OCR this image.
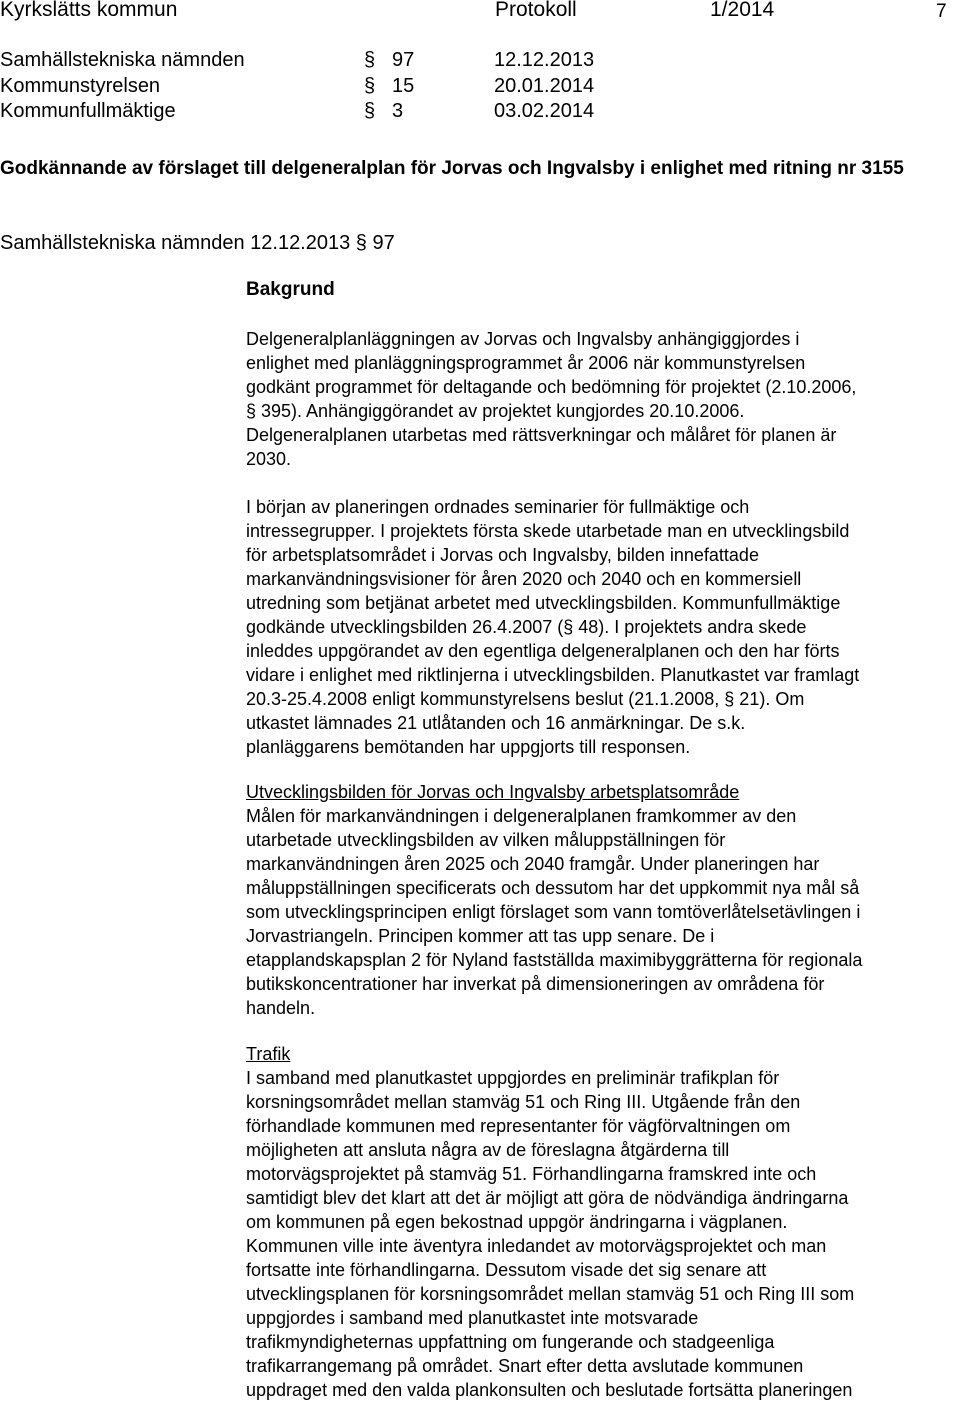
Kyrkslätts kommun	Protokoll	1/2014	7
Samhällstekniska nämnden	§ 97	12.12.2013
Kommunstyrelsen	§ 15	20.01.2014
Kommunfullmäktige	§ 3	03.02.2014
Godkännande av förslaget till delgeneralplan för Jorvas och Ingvalsby i enlighet med ritning nr 3155
Samhällstekniska nämnden 12.12.2013 § 97
Bakgrund
Delgeneralplanläggningen av Jorvas och Ingvalsby anhängiggjordes i
enlighet med planläggningsprogrammet år 2006 när kommunstyrelsen
godkänt programmet för deltagande och bedömning för projektet (2.10.2006,
§ 395). Anhängiggörandet av projektet kungjordes 20.10.2006.
Delgeneralplanen utarbetas med rättsverkningar och målåret för planen är
2030.
I början av planeringen ordnades seminarier för fullmäktige och
intressegrupper. I projektets första skede utarbetade man en utvecklingsbild
för arbetsplatsområdet i Jorvas och Ingvalsby, bilden innefattade
markanvändningsvisioner för åren 2020 och 2040 och en kommersiell
utredning som betjänat arbetet med utvecklingsbilden. Kommunfullmäktige
godkände utvecklingsbilden 26.4.2007 (§ 48). I projektets andra skede
inleddes uppgörandet av den egentliga delgeneralplanen och den har förts
vidare i enlighet med riktlinjerna i utvecklingsbilden. Planutkastet var framlagt
20.3-25.4.2008 enligt kommunstyrelsens beslut (21.1.2008, § 21). Om
utkastet lämnades 21 utlåtanden och 16 anmärkningar. De s.k.
planläggarens bemötanden har uppgjorts till responsen.
Utvecklingsbilden för Jorvas och Ingvalsby arbetsplatsområde
Målen för markanvändningen i delgeneralplanen framkommer av den
utarbetade utvecklingsbilden av vilken måluppställningen för
markanvändningen åren 2025 och 2040 framgår. Under planeringen har
måluppställningen specificerats och dessutom har det uppkommit nya mål så
som utvecklingsprincipen enligt förslaget som vann tomtöverlåtelsetävlingen i
Jorvastriangeln. Principen kommer att tas upp senare. De i
etapplandskapsplan 2 för Nyland fastställda maximibyggrätterna för regionala
butikskoncentrationer har inverkat på dimensioneringen av områdena för
handeln.
Trafik
I samband med planutkastet uppgjordes en preliminär trafikplan för
korsningsområdet mellan stamväg 51 och Ring III. Utgående från den
förhandlade kommunen med representanter för vägförvaltningen om
möjligheten att ansluta några av de föreslagna åtgärderna till
motorvägsprojektet på stamväg 51. Förhandlingarna framskred inte och
samtidigt blev det klart att det är möjligt att göra de nödvändiga ändringarna
om kommunen på egen bekostnad uppgör ändringarna i vägplanen.
Kommunen ville inte äventyra inledandet av motorvägsprojektet och man
fortsatte inte förhandlingarna. Dessutom visade det sig senare att
utvecklingsplanen för korsningsområdet mellan stamväg 51 och Ring III som
uppgjordes i samband med planutkastet inte motsvarade
trafikmyndigheternas uppfattning om fungerande och stadgeenliga
trafikarrangemang på området. Snart efter detta avslutade kommunen
uppdraget med den valda plankonsulten och beslutade fortsätta planeringen
